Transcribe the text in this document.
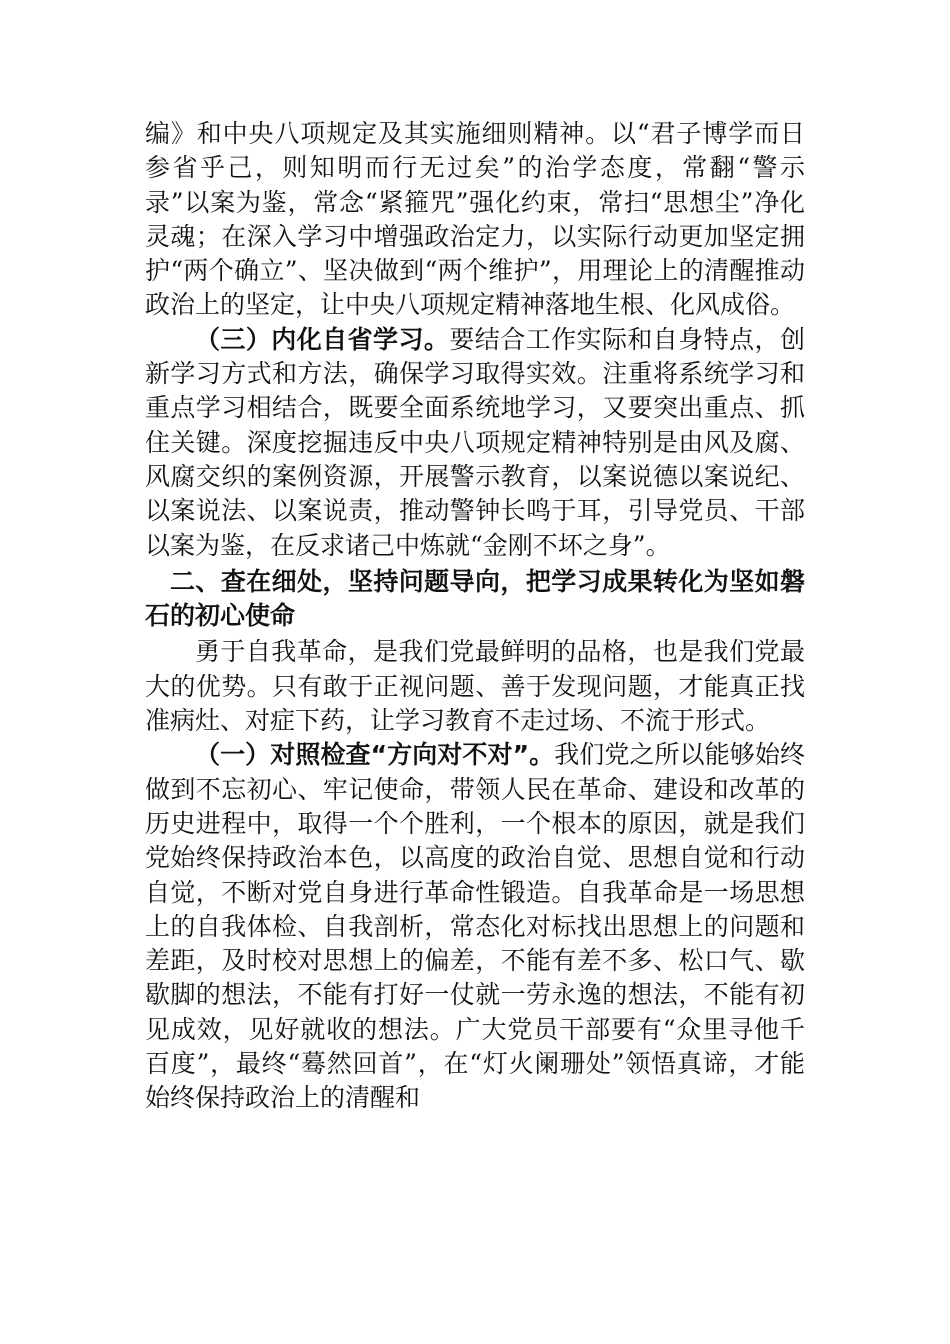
编》和中央八项规定及其实施细则精神。以“君子博学而日参省乎己，则知明而行无过矣”的治学态度，常翻“警示录”以案为鉴，常念“紧箍咒”强化约束，常扫“思想尘”净化灵魂；在深入学习中增强政治定力，以实际行动更加坚定拥护“两个确立”、坚决做到“两个维护”，用理论上的清醒推动政治上的坚定，让中央八项规定精神落地生根、化风成俗。

（三）内化自省学习。要结合工作实际和自身特点，创新学习方式和方法，确保学习取得实效。注重将系统学习和重点学习相结合，既要全面系统地学习，又要突出重点、抓住关键。深度挖掘违反中央八项规定精神特别是由风及腐、风腐交织的案例资源，开展警示教育，以案说德以案说纪、以案说法、以案说责，推动警钟长鸣于耳，引导党员、干部以案为鉴，在反求诸己中炼就“金刚不坏之身”。

二、查在细处，坚持问题导向，把学习成果转化为坚如磐石的初心使命

勇于自我革命，是我们党最鲜明的品格，也是我们党最大的优势。只有敢于正视问题、善于发现问题，才能真正找准病灶、对症下药，让学习教育不走过场、不流于形式。

（一）对照检查“方向对不对”。我们党之所以能够始终做到不忘初心、牢记使命，带领人民在革命、建设和改革的历史进程中，取得一个个胜利，一个根本的原因，就是我们党始终保持政治本色，以高度的政治自觉、思想自觉和行动自觉，不断对党自身进行革命性锻造。自我革命是一场思想上的自我体检、自我剖析，常态化对标找出思想上的问题和差距，及时校对思想上的偏差，不能有差不多、松口气、歇歇脚的想法，不能有打好一仗就一劳永逸的想法，不能有初见成效，见好就收的想法。广大党员干部要有“众里寻他千百度”，最终“蓦然回首”，在“灯火阑珊处”领悟真谛，才能始终保持政治上的清醒和
